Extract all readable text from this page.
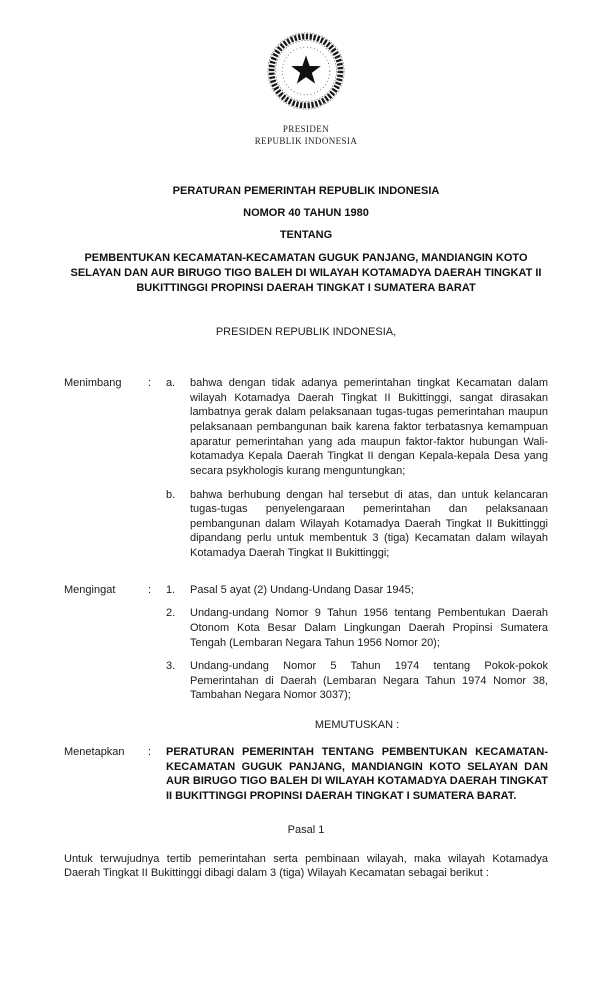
PRESIDEN
REPUBLIK INDONESIA
PERATURAN PEMERINTAH REPUBLIK INDONESIA
NOMOR 40 TAHUN 1980
TENTANG
PEMBENTUKAN KECAMATAN-KECAMATAN GUGUK PANJANG, MANDIANGIN KOTO SELAYAN DAN AUR BIRUGO TIGO BALEH DI WILAYAH KOTAMADYA DAERAH TINGKAT II BUKITTINGGI PROPINSI DAERAH TINGKAT I SUMATERA BARAT
PRESIDEN REPUBLIK INDONESIA,
Menimbang	:	a.	bahwa dengan tidak adanya pemerintahan tingkat Kecamatan dalam wilayah Kotamadya Daerah Tingkat II Bukittinggi, sangat dirasakan lambatnya gerak dalam pelaksanaan tugas-tugas pemerintahan maupun pelaksanaan pembangunan baik karena faktor terbatasnya kemampuan aparatur pemerintahan yang ada maupun faktor-faktor hubungan Wali-kotamadya Kepala Daerah Tingkat II dengan Kepala-kepala Desa yang secara psykhologis kurang menguntungkan;
b.	bahwa berhubung dengan hal tersebut di atas, dan untuk kelancaran tugas-tugas penyelengaraan pemerintahan dan pelaksanaan pembangunan dalam Wilayah Kotamadya Daerah Tingkat II Bukittinggi dipandang perlu untuk membentuk 3 (tiga) Kecamatan dalam wilayah Kotamadya Daerah Tingkat II Bukittinggi;
Mengingat	:	1.	Pasal 5 ayat (2) Undang-Undang Dasar 1945;
2.	Undang-undang Nomor 9 Tahun 1956 tentang Pembentukan Daerah Otonom Kota Besar Dalam Lingkungan Daerah Propinsi Sumatera Tengah (Lembaran Negara Tahun 1956 Nomor 20);
3.	Undang-undang Nomor 5 Tahun 1974 tentang Pokok-pokok Pemerintahan di Daerah (Lembaran Negara Tahun 1974 Nomor 38, Tambahan Negara Nomor 3037);
MEMUTUSKAN :
Menetapkan	:	PERATURAN PEMERINTAH TENTANG PEMBENTUKAN KECAMATAN-KECAMATAN GUGUK PANJANG, MANDIANGIN KOTO SELAYAN DAN AUR BIRUGO TIGO BALEH DI WILAYAH KOTAMADYA DAERAH TINGKAT II BUKITTINGGI PROPINSI DAERAH TINGKAT I SUMATERA BARAT.
Pasal 1

Untuk terwujudnya tertib pemerintahan serta pembinaan wilayah, maka wilayah Kotamadya Daerah Tingkat II Bukittinggi dibagi dalam 3 (tiga) Wilayah Kecamatan sebagai berikut :
